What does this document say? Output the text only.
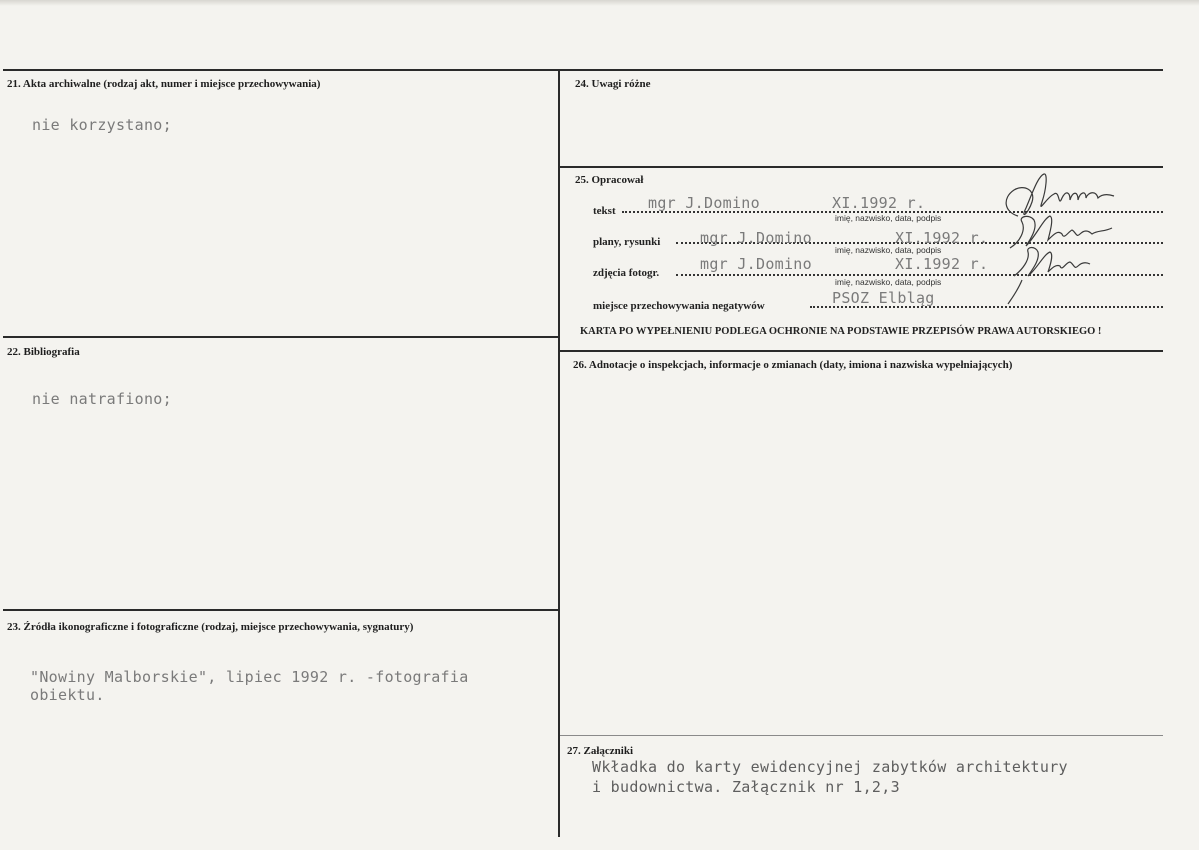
21. Akta archiwalne (rodzaj akt, numer i miejsce przechowywania)
nie korzystano;
22. Bibliografia
nie natrafiono;
23. Źródła ikonograficzne i fotograficzne (rodzaj, miejsce przechowywania, sygnatury)
"Nowiny Malborskie", lipiec 1992 r. -fotografia
obiektu.
24. Uwagi różne
25. Opracował
tekst mgr J.Domino	XI.1992 r.
imię, nazwisko, data, podpis
plany, rysunki	mgr J.Domino	XI.1992 r.
imię, nazwisko, data, podpis
zdjęcia fotogr.	mgr J.Domino	XI.1992 r.
imię, nazwisko, data, podpis
miejsce przechowywania negatywów	PSOZ Elbląg
KARTA PO WYPEŁNIENIU PODLEGA OCHRONIE NA PODSTAWIE PRZEPISÓW PRAWA AUTORSKIEGO !
26. Adnotacje o inspekcjach, informacje o zmianach (daty, imiona i nazwiska wypełniających)
27. Załączniki
Wkładka do karty ewidencyjnej zabytków architektury
i budownictwa. Załącznik nr 1,2,3
